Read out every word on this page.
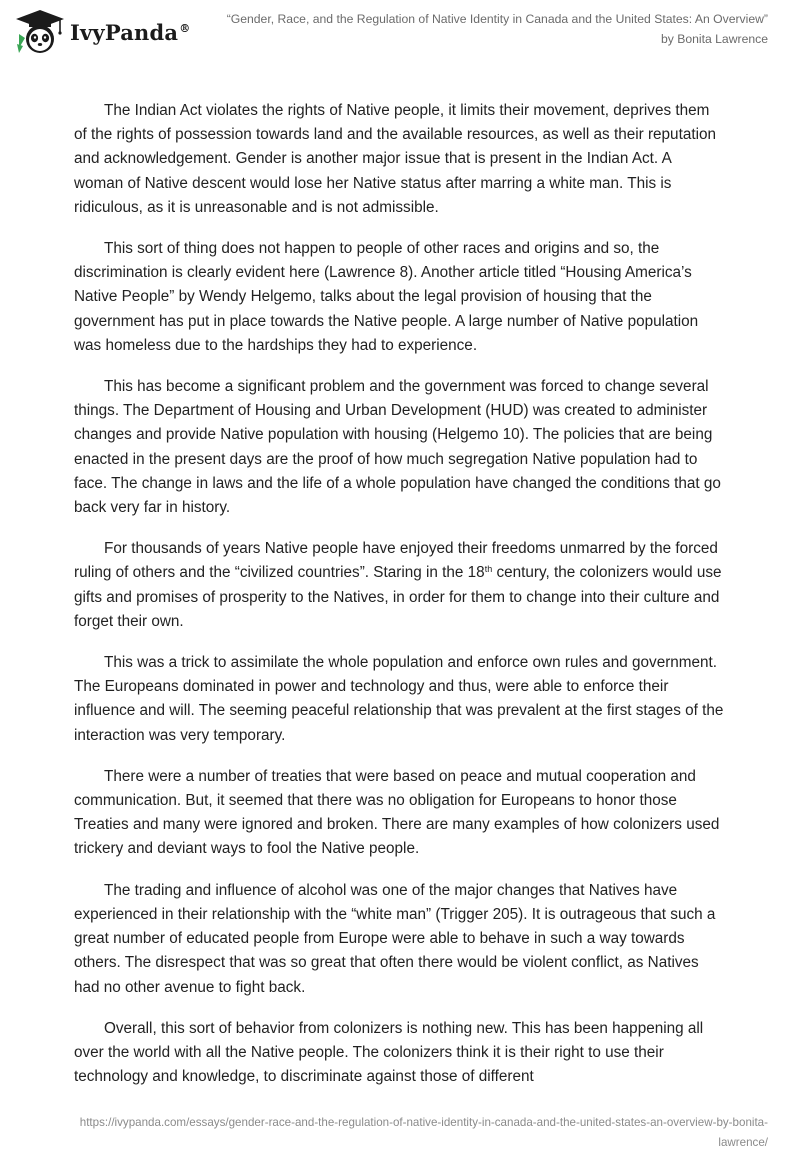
IvyPanda®
“Gender, Race, and the Regulation of Native Identity in Canada and the United States: An Overview”
by Bonita Lawrence

The Indian Act violates the rights of Native people, it limits their movement, deprives them of the rights of possession towards land and the available resources, as well as their reputation and acknowledgement. Gender is another major issue that is present in the Indian Act. A woman of Native descent would lose her Native status after marring a white man. This is ridiculous, as it is unreasonable and is not admissible.

This sort of thing does not happen to people of other races and origins and so, the discrimination is clearly evident here (Lawrence 8). Another article titled “Housing America’s Native People” by Wendy Helgemo, talks about the legal provision of housing that the government has put in place towards the Native people. A large number of Native population was homeless due to the hardships they had to experience.

This has become a significant problem and the government was forced to change several things. The Department of Housing and Urban Development (HUD) was created to administer changes and provide Native population with housing (Helgemo 10). The policies that are being enacted in the present days are the proof of how much segregation Native population had to face. The change in laws and the life of a whole population have changed the conditions that go back very far in history.

For thousands of years Native people have enjoyed their freedoms unmarred by the forced ruling of others and the “civilized countries”. Staring in the 18th century, the colonizers would use gifts and promises of prosperity to the Natives, in order for them to change into their culture and forget their own.

This was a trick to assimilate the whole population and enforce own rules and government. The Europeans dominated in power and technology and thus, were able to enforce their influence and will. The seeming peaceful relationship that was prevalent at the first stages of the interaction was very temporary.

There were a number of treaties that were based on peace and mutual cooperation and communication. But, it seemed that there was no obligation for Europeans to honor those Treaties and many were ignored and broken. There are many examples of how colonizers used trickery and deviant ways to fool the Native people.

The trading and influence of alcohol was one of the major changes that Natives have experienced in their relationship with the “white man” (Trigger 205). It is outrageous that such a great number of educated people from Europe were able to behave in such a way towards others. The disrespect that was so great that often there would be violent conflict, as Natives had no other avenue to fight back.

Overall, this sort of behavior from colonizers is nothing new. This has been happening all over the world with all the Native people. The colonizers think it is their right to use their technology and knowledge, to discriminate against those of different

https://ivypanda.com/essays/gender-race-and-the-regulation-of-native-identity-in-canada-and-the-united-states-an-overview-by-bonita-lawrence/
